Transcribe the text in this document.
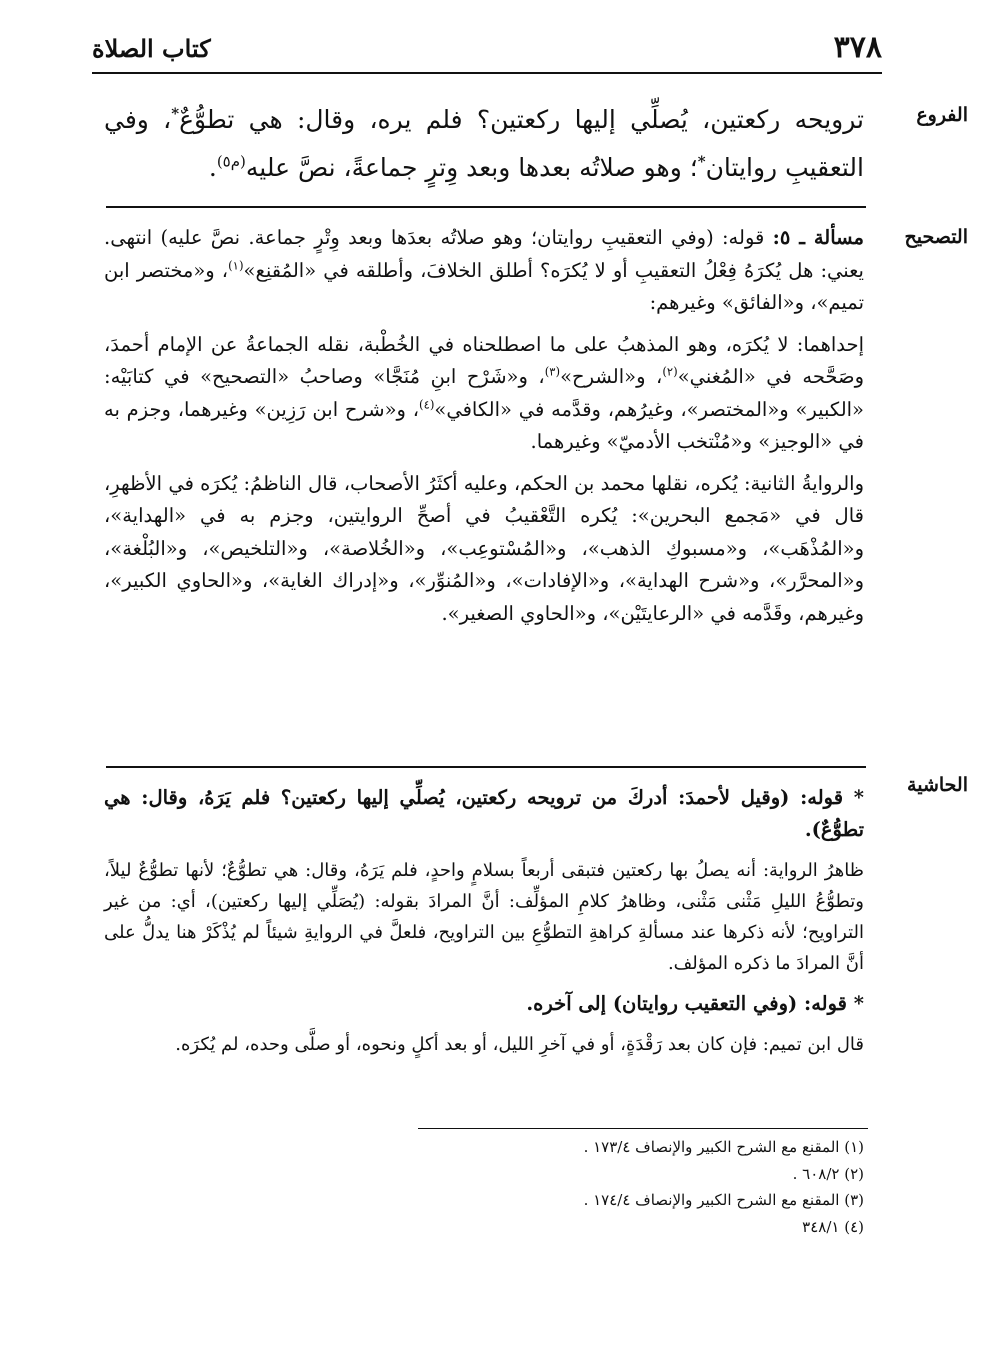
٣٧٨
كتاب الصلاة
الفروع
ترويحه ركعتين، يُصلِّي إليها ركعتين؟ فلم يره، وقال: هي تطوُّعٌ*، وفي التعقيبِ روايتان*؛ وهو صلاتُه بعدها وبعد وِترٍ جماعةً، نصَّ عليه$^{(م٥)}$.
التصحيح

مسألة ـ ٥: قوله: (وفي التعقيبِ روايتان؛ وهو صلاتُه بعدَها وبعد وِتْرٍ جماعة. نصَّ عليه) انتهى. يعني: هل يُكرَهُ فِعْلُ التعقيبِ أو لا يُكرَه؟ أطلق الخلافَ، وأطلقه في «المُقنِع»$^{(١)}$، و«مختصر ابن تميم»، و«الفائق» وغيرهم:

إحداهما: لا يُكرَه، وهو المذهبُ على ما اصطلحناه في الخُطْبة، نقله الجماعةُ عن الإمام أحمدَ، وصَحَّحه في «المُغني»$^{(٢)}$، و«الشرح»$^{(٣)}$، و«شَرْح ابنِ مُنَجَّا» وصاحبُ «التصحيح» في كتابَيْه: «الكبير» و«المختصر»، وغيرُهم، وقدَّمه في «الكافي»$^{(٤)}$، و«شرح ابن رَزِين» وغيرهما، وجزم به في «الوجيز» و«مُنْتخب الأدميّ» وغيرهما.

والروايةُ الثانية: يُكره، نقلها محمد بن الحكم، وعليه أكثَرُ الأصحاب، قال الناظمُ: يُكرَه في الأظهرِ، قال في «مَجمع البحرين»: يُكره التَّعْقيبُ في أصحِّ الروايتين، وجزم به في «الهداية»، و«المُذْهَب»، و«مسبوكِ الذهب»، و«المُسْتوعِب»، و«الخُلاصة»، و«التلخيص»، و«البُلْغة»، و«المحرَّر»، و«شرح الهداية»، و«الإفادات»، و«المُنوِّر»، و«إدراك الغاية»، و«الحاوي الكبير»، وغيرهم، وقَدَّمه في «الرعايتَيْن»، و«الحاوي الصغير».

الحاشية

* قوله: (وقيل لأحمدَ: أدركَ من ترويحه ركعتين، يُصلِّي إليها ركعتين؟ فلم يَرَهُ، وقال: هي تطوُّعٌ).

ظاهرُ الرواية: أنه يصلُ بها ركعتين فتبقى أربعاً بسلامٍ واحدٍ، فلم يَرَهُ، وقال: هي تطوُّعٌ؛ لأنها تطوُّعٌ ليلاً، وتطوُّعُ الليلِ مَثْنى مَثْنى، وظاهرُ كلامِ المؤلِّف: أنَّ المرادَ بقوله: (يُصَلِّي إليها ركعتين)، أي: من غير التراويح؛ لأنه ذكرها عند مسألةِ كراهةِ التطوُّعِ بين التراويح، فلعلَّ في الروايةِ شيئاً لم يُذْكَرْ هنا يدلُّ على أنَّ المرادَ ما ذكره المؤلف.

* قوله: (وفي التعقيب روايتان) إلى آخره.

قال ابن تميم: فإن كان بعد رَقْدَةٍ، أو في آخرِ الليل، أو بعد أكلٍ ونحوه، أو صلَّى وحده، لم يُكرَه.

(١) المقنع مع الشرح الكبير والإنصاف ١٧٣/٤ .
(٢) ٦٠٨/٢ .
(٣) المقنع مع الشرح الكبير والإنصاف ١٧٤/٤ .
(٤) ٣٤٨/١
